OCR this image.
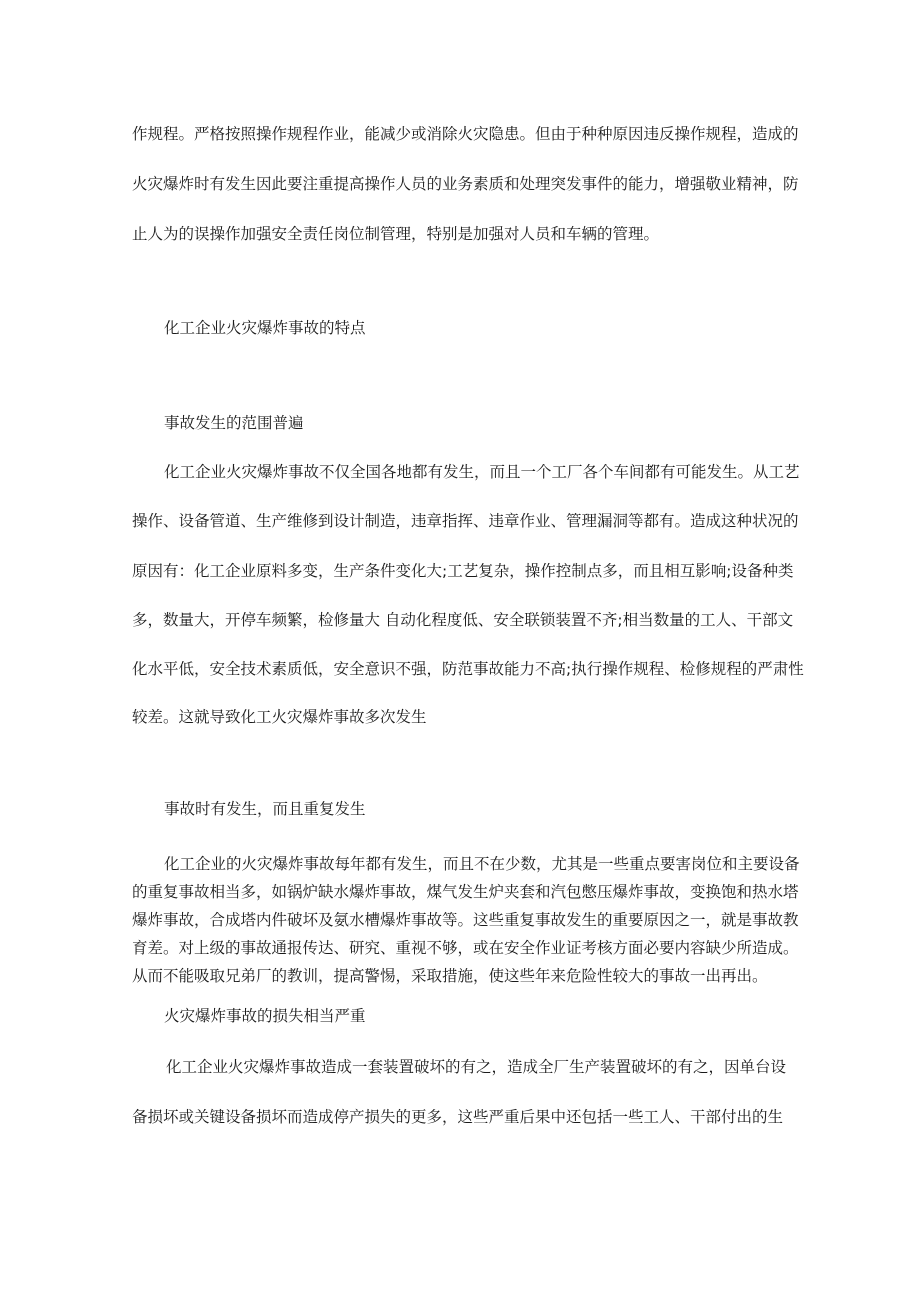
作规程。严格按照操作规程作业，能减少或消除火灾隐患。但由于种种原因违反操作规程，造成的
火灾爆炸时有发生因此要注重提高操作人员的业务素质和处理突发事件的能力，增强敬业精神，防
止人为的误操作加强安全责任岗位制管理，特别是加强对人员和车辆的管理。
化工企业火灾爆炸事故的特点
事故发生的范围普遍
化工企业火灾爆炸事故不仅全国各地都有发生，而且一个工厂各个车间都有可能发生。从工艺
操作、设备管道、生产维修到设计制造，违章指挥、违章作业、管理漏洞等都有。造成这种状况的
原因有：化工企业原料多变，生产条件变化大;工艺复杂，操作控制点多，而且相互影响;设备种类
多，数量大，开停车频繁，检修量大 自动化程度低、安全联锁装置不齐;相当数量的工人、干部文
化水平低，安全技术素质低，安全意识不强，防范事故能力不高;执行操作规程、检修规程的严肃性
较差。这就导致化工火灾爆炸事故多次发生
事故时有发生，而且重复发生
化工企业的火灾爆炸事故每年都有发生，而且不在少数，尤其是一些重点要害岗位和主要设备
的重复事故相当多，如锅炉缺水爆炸事故，煤气发生炉夹套和汽包憋压爆炸事故，变换饱和热水塔
爆炸事故，合成塔内件破坏及氨水槽爆炸事故等。这些重复事故发生的重要原因之一，就是事故教
育差。对上级的事故通报传达、研究、重视不够，或在安全作业证考核方面必要内容缺少所造成。
从而不能吸取兄弟厂的教训，提高警惕，采取措施，使这些年来危险性较大的事故一出再出。
火灾爆炸事故的损失相当严重
化工企业火灾爆炸事故造成一套装置破坏的有之，造成全厂生产装置破坏的有之，因单台设
备损坏或关键设备损坏而造成停产损失的更多，这些严重后果中还包括一些工人、干部付出的生
